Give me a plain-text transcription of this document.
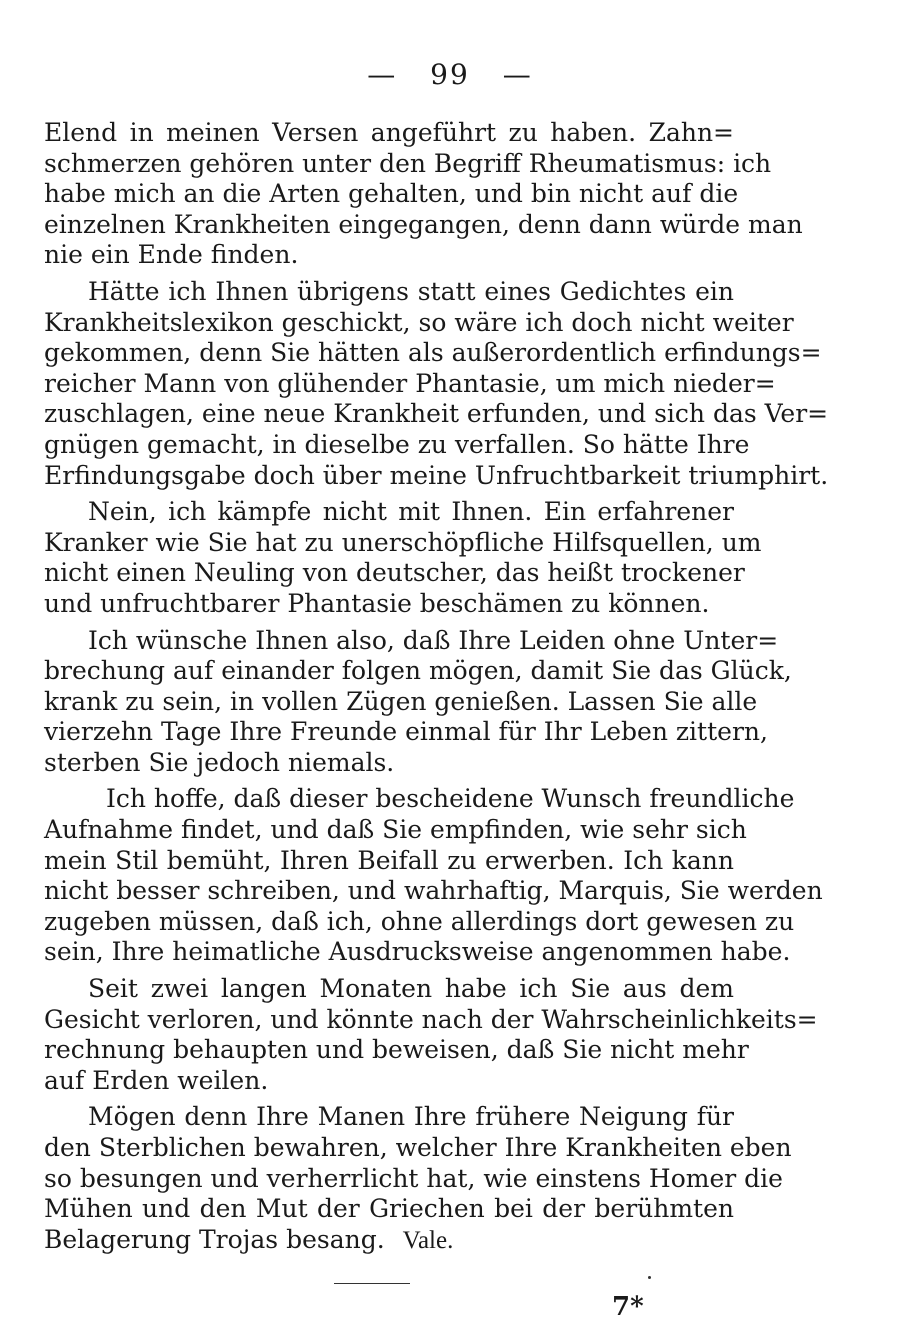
— 99 —
Elend in meinen Versen angeführt zu haben. Zahn=
schmerzen gehören unter den Begriff Rheumatismus: ich
habe mich an die Arten gehalten, und bin nicht auf die
einzelnen Krankheiten eingegangen, denn dann würde man
nie ein Ende finden.
Hätte ich Ihnen übrigens statt eines Gedichtes ein
Krankheitslexikon geschickt, so wäre ich doch nicht weiter
gekommen, denn Sie hätten als außerordentlich erfindungs=
reicher Mann von glühender Phantasie, um mich nieder=
zuschlagen, eine neue Krankheit erfunden, und sich das Ver=
gnügen gemacht, in dieselbe zu verfallen. So hätte Ihre
Erfindungsgabe doch über meine Unfruchtbarkeit triumphirt.
Nein, ich kämpfe nicht mit Ihnen. Ein erfahrener
Kranker wie Sie hat zu unerschöpfliche Hilfsquellen, um
nicht einen Neuling von deutscher, das heißt trockener
und unfruchtbarer Phantasie beschämen zu können.
Ich wünsche Ihnen also, daß Ihre Leiden ohne Unter=
brechung auf einander folgen mögen, damit Sie das Glück,
krank zu sein, in vollen Zügen genießen. Lassen Sie alle
vierzehn Tage Ihre Freunde einmal für Ihr Leben zittern,
sterben Sie jedoch niemals.
Ich hoffe, daß dieser bescheidene Wunsch freundliche
Aufnahme findet, und daß Sie empfinden, wie sehr sich
mein Stil bemüht, Ihren Beifall zu erwerben. Ich kann
nicht besser schreiben, und wahrhaftig, Marquis, Sie werden
zugeben müssen, daß ich, ohne allerdings dort gewesen zu
sein, Ihre heimatliche Ausdrucksweise angenommen habe.
Seit zwei langen Monaten habe ich Sie aus dem
Gesicht verloren, und könnte nach der Wahrscheinlichkeits=
rechnung behaupten und beweisen, daß Sie nicht mehr
auf Erden weilen.
Mögen denn Ihre Manen Ihre frühere Neigung für
den Sterblichen bewahren, welcher Ihre Krankheiten eben
so besungen und verherrlicht hat, wie einstens Homer die
Mühen und den Mut der Griechen bei der berühmten
Belagerung Trojas besang. Vale.
7*
